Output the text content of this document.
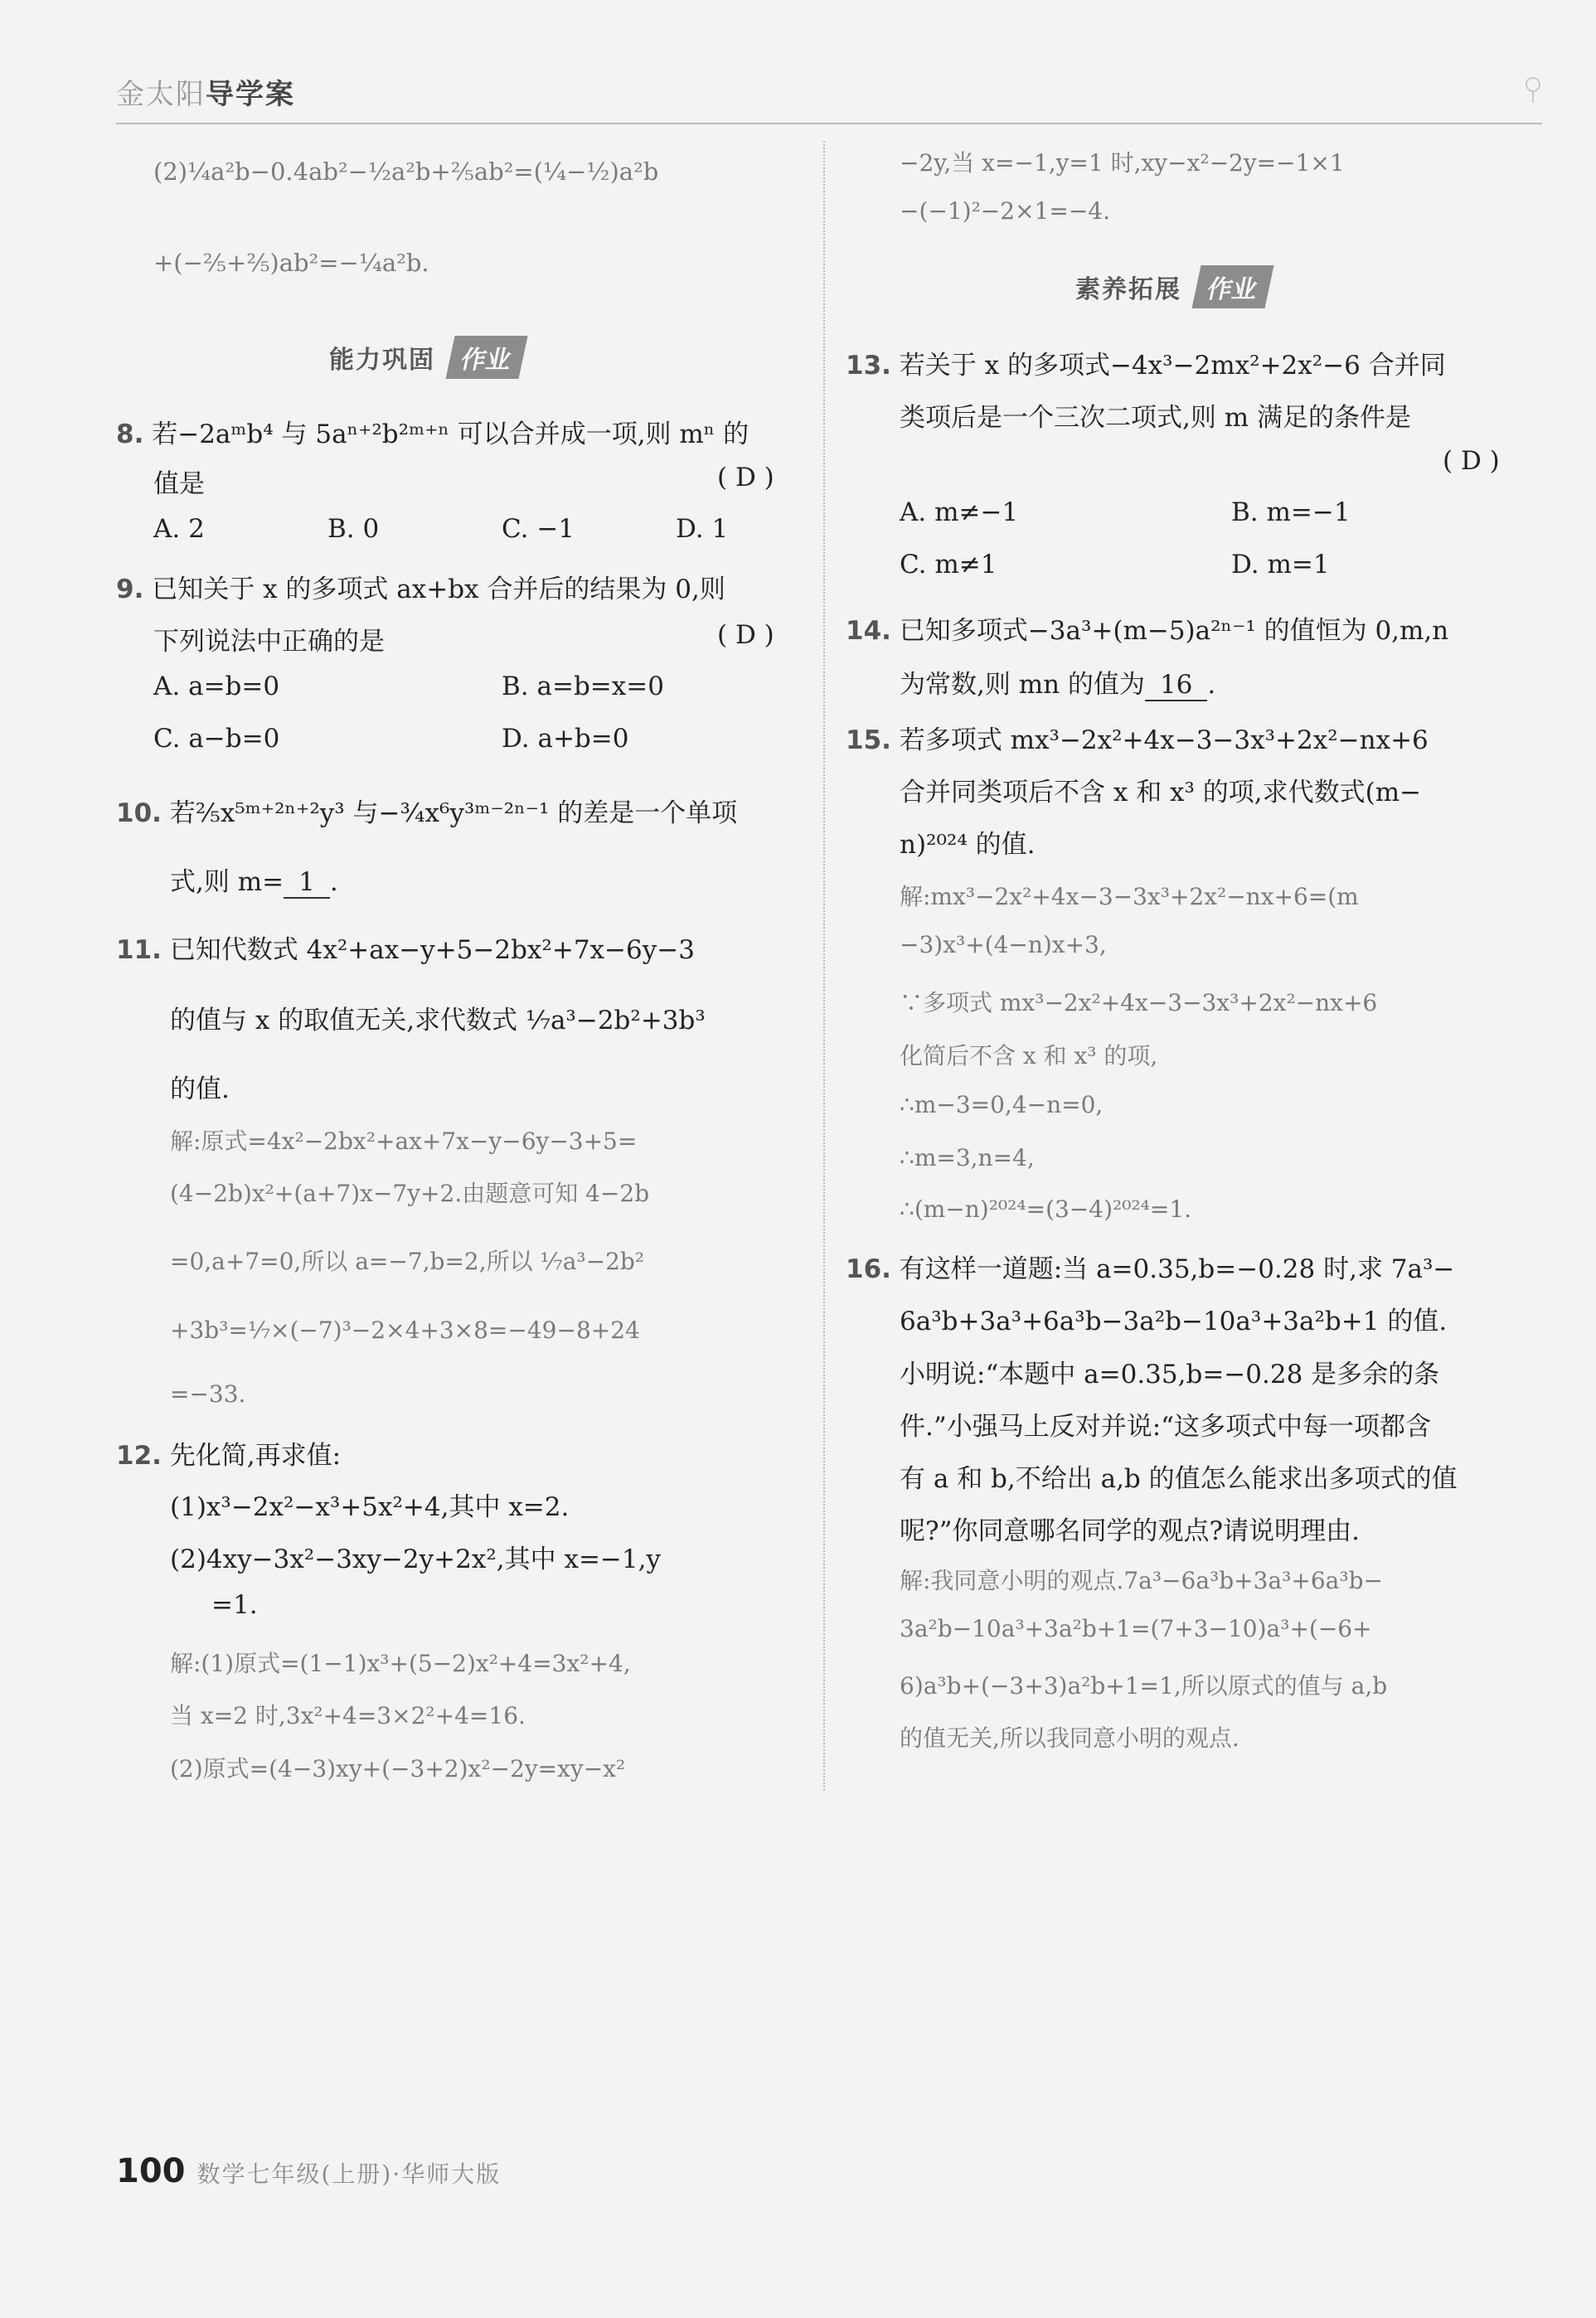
金太阳导学案
(2)¼a²b−0.4ab²−½a²b+⅖ab²=(¼−½)a²b
+(−⅖+⅖)ab²=−¼a²b.
能力巩固 作业
8. 若−2aᵐb⁴ 与 5aⁿ⁺²b²ᵐ⁺ⁿ 可以合并成一项,则 mⁿ 的
值是	( D )
A. 2	B. 0	C. −1	D. 1
9. 已知关于 x 的多项式 ax+bx 合并后的结果为 0,则
下列说法中正确的是	( D )
A. a=b=0	B. a=b=x=0
C. a−b=0	D. a+b=0
10. 若⅖x⁵ᵐ⁺²ⁿ⁺²y³ 与−¾x⁶y³ᵐ⁻²ⁿ⁻¹ 的差是一个单项
式,则 m= 1 .
11. 已知代数式 4x²+ax−y+5−2bx²+7x−6y−3
的值与 x 的取值无关,求代数式 ⅐a³−2b²+3b³
的值.
解:原式=4x²−2bx²+ax+7x−y−6y−3+5=
(4−2b)x²+(a+7)x−7y+2.由题意可知 4−2b
=0,a+7=0,所以 a=−7,b=2,所以 ⅐a³−2b²
+3b³=⅐×(−7)³−2×4+3×8=−49−8+24
=−33.
12. 先化简,再求值:
(1)x³−2x²−x³+5x²+4,其中 x=2.
(2)4xy−3x²−3xy−2y+2x²,其中 x=−1,y
=1.
解:(1)原式=(1−1)x³+(5−2)x²+4=3x²+4,
当 x=2 时,3x²+4=3×2²+4=16.
(2)原式=(4−3)xy+(−3+2)x²−2y=xy−x²
−2y,当 x=−1,y=1 时,xy−x²−2y=−1×1
−(−1)²−2×1=−4.
素养拓展 作业
13. 若关于 x 的多项式−4x³−2mx²+2x²−6 合并同
类项后是一个三次二项式,则 m 满足的条件是
( D )
A. m≠−1	B. m=−1
C. m≠1	D. m=1
14. 已知多项式−3a³+(m−5)a²ⁿ⁻¹ 的值恒为 0,m,n
为常数,则 mn 的值为 16 .
15. 若多项式 mx³−2x²+4x−3−3x³+2x²−nx+6
合并同类项后不含 x 和 x³ 的项,求代数式(m−
n)²⁰²⁴ 的值.
解:mx³−2x²+4x−3−3x³+2x²−nx+6=(m
−3)x³+(4−n)x+3,
∵多项式 mx³−2x²+4x−3−3x³+2x²−nx+6
化简后不含 x 和 x³ 的项,
∴m−3=0,4−n=0,
∴m=3,n=4,
∴(m−n)²⁰²⁴=(3−4)²⁰²⁴=1.
16. 有这样一道题:当 a=0.35,b=−0.28 时,求 7a³−
6a³b+3a³+6a³b−3a²b−10a³+3a²b+1 的值.
小明说:“本题中 a=0.35,b=−0.28 是多余的条
件.”小强马上反对并说:“这多项式中每一项都含
有 a 和 b,不给出 a,b 的值怎么能求出多项式的值
呢?”你同意哪名同学的观点?请说明理由.
解:我同意小明的观点.7a³−6a³b+3a³+6a³b−
3a²b−10a³+3a²b+1=(7+3−10)a³+(−6+
6)a³b+(−3+3)a²b+1=1,所以原式的值与 a,b
的值无关,所以我同意小明的观点.
100 数学七年级(上册)·华师大版
